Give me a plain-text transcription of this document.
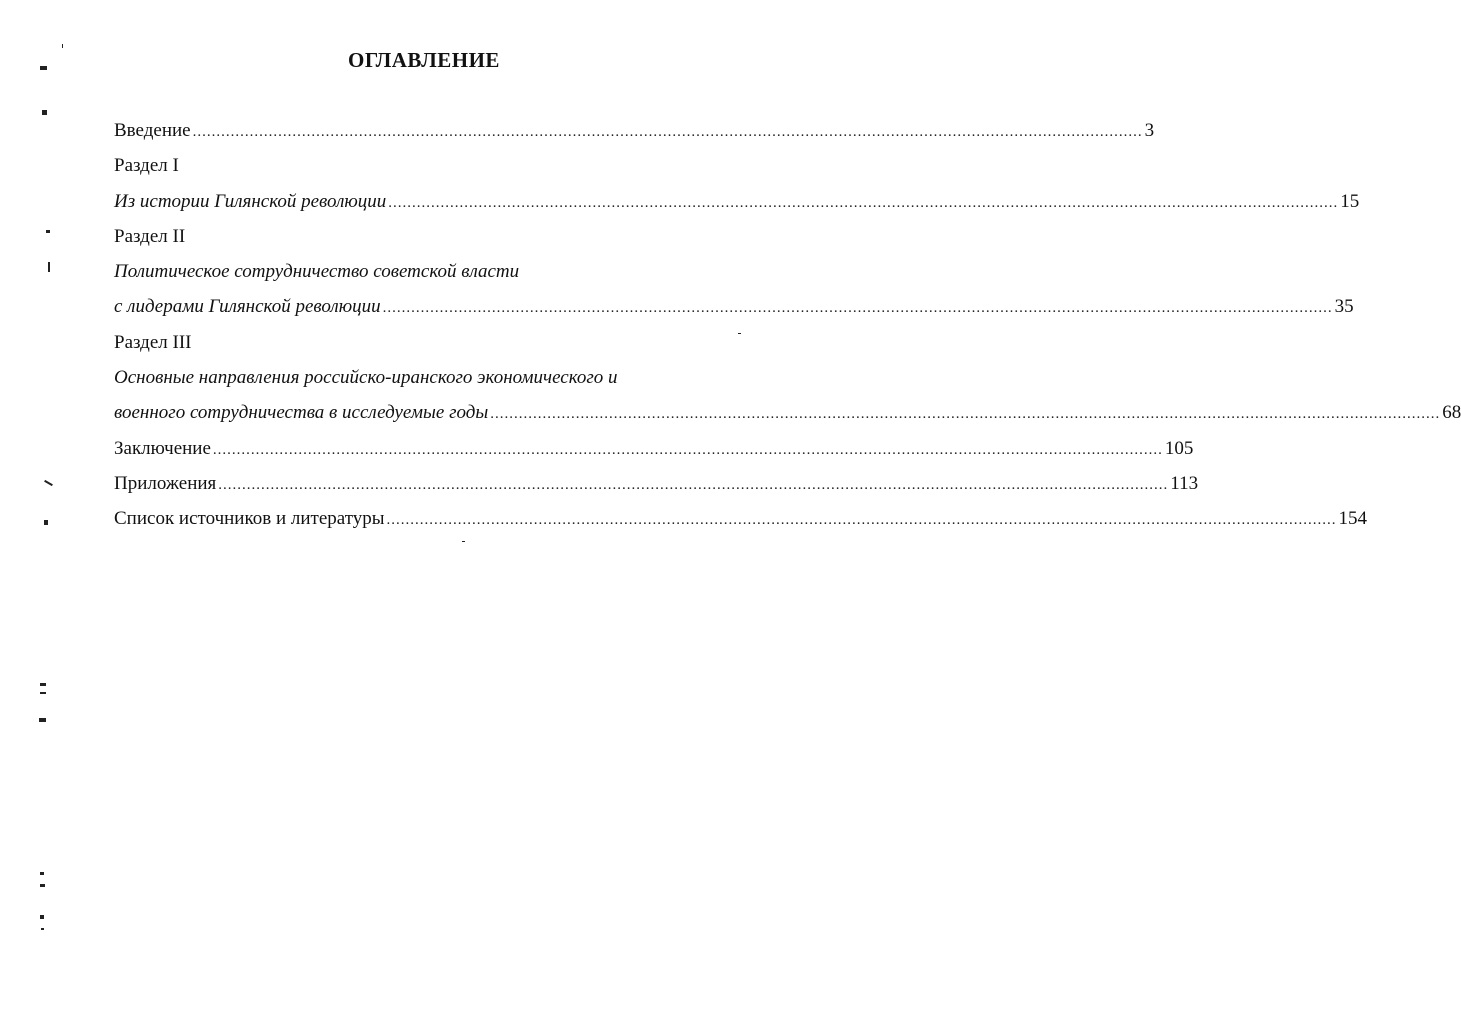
ОГЛАВЛЕНИЕ
Введение ........................................................................................................................................................................................................ 3
Раздел I
Из истории Гилянской революции ........................................................................................................................................................................................................ 15
Раздел II
Политическое сотрудничество советской власти
с лидерами Гилянской революции ........................................................................................................................................................................................................ 35
Раздел III
Основные направления российско-иранского экономического и
военного сотрудничества в исследуемые годы ........................................................................................................................................................................................................ 68
Заключение ........................................................................................................................................................................................................ 105
Приложения ........................................................................................................................................................................................................ 113
Список источников и литературы ........................................................................................................................................................................................................ 154
